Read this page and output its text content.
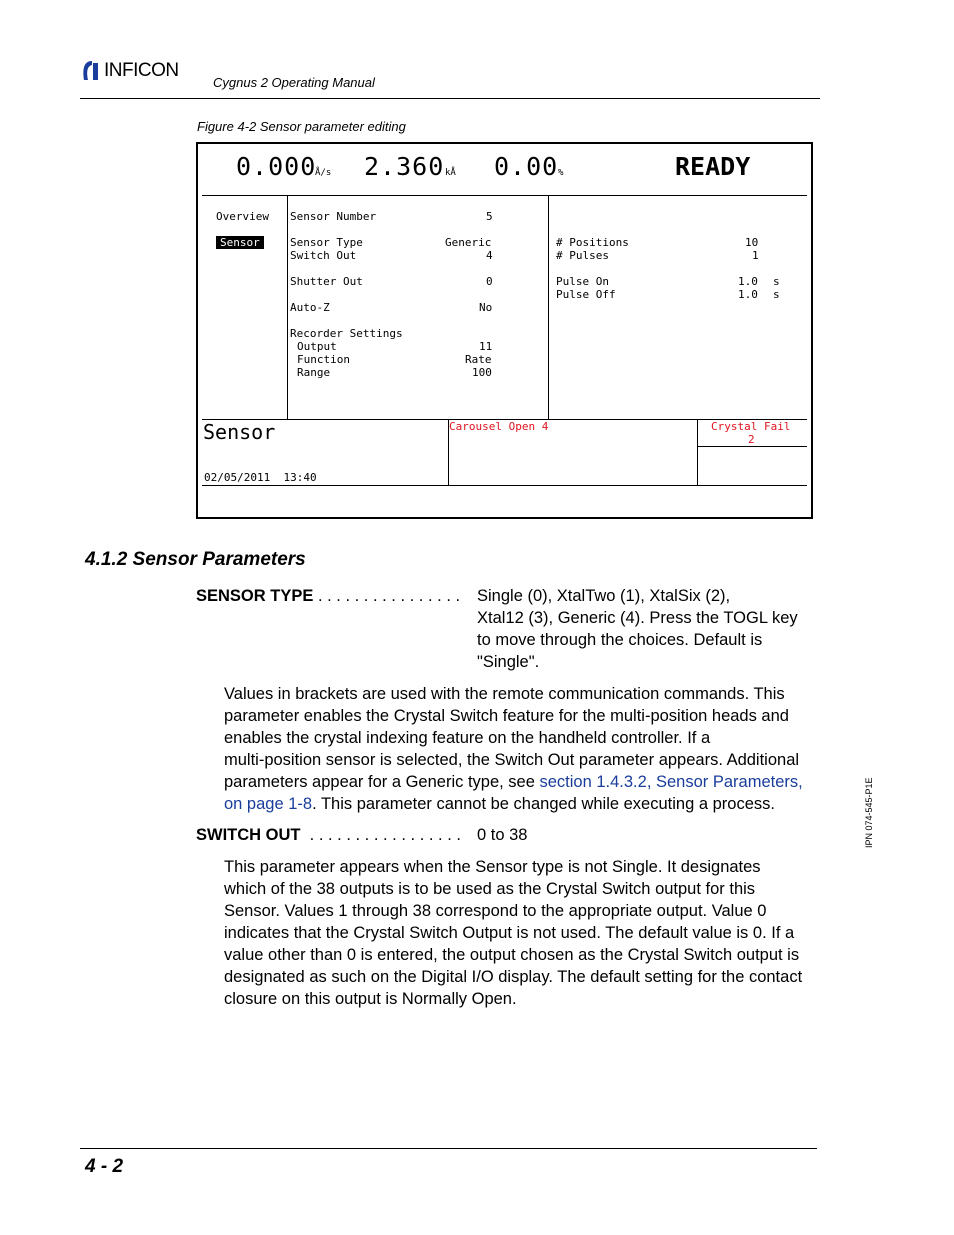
INFICON
Cygnus 2 Operating Manual
Figure 4-2 Sensor parameter editing
0.000
Å/s 2.360 kÅ 0.00 %	READY
Overview
Sensor
Sensor Number	5
Sensor Type	Generic
Switch Out	4
Shutter Out	0
Auto-Z	No
Recorder Settings
Output	11
Function	Rate
Range	100
# Positions	10
# Pulses	1
Pulse On	1.0 s
Pulse Off	1.0 s
Sensor
02/05/2011  13:40
Carousel Open 4	Crystal Fail
2
4.1.2 Sensor Parameters
SENSOR TYPE . . . . . . . . . . . . . . . . Single (0), XtalTwo (1), XtalSix (2),
Xtal12 (3), Generic (4). Press the TOGL key
to move through the choices. Default is
"Single".
Values in brackets are used with the remote communication commands. This
parameter enables the Crystal Switch feature for the multi-position heads and
enables the crystal indexing feature on the handheld controller. If a
multi-position sensor is selected, the Switch Out parameter appears. Additional
parameters appear for a Generic type, see section 1.4.3.2, Sensor Parameters,
on page 1-8. This parameter cannot be changed while executing a process.
SWITCH OUT  . . . . . . . . . . . . . . . . . 0 to 38
This parameter appears when the Sensor type is not Single. It designates
which of the 38 outputs is to be used as the Crystal Switch output for this
Sensor. Values 1 through 38 correspond to the appropriate output. Value 0
indicates that the Crystal Switch Output is not used. The default value is 0. If a
value other than 0 is entered, the output chosen as the Crystal Switch output is
designated as such on the Digital I/O display. The default setting for the contact
closure on this output is Normally Open.
IPN 074-545-P1E
4 - 2
